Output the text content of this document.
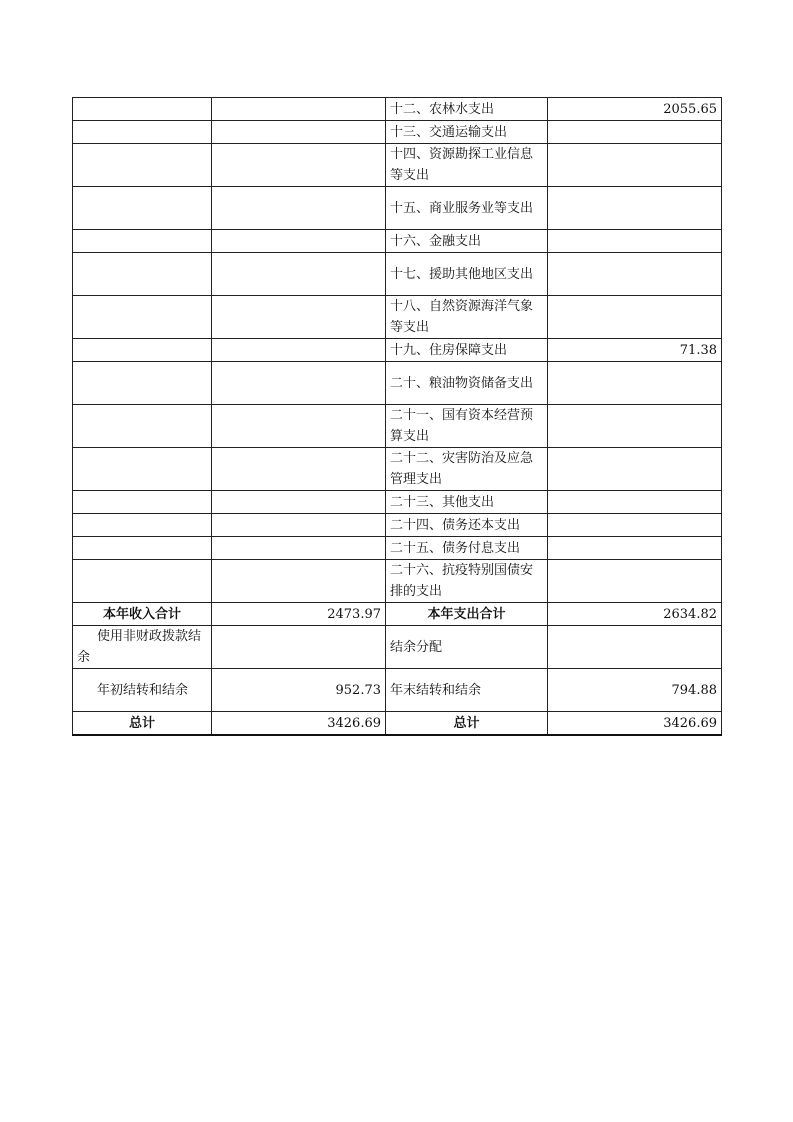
		十二、农林水支出	2055.65
		十三、交通运输支出	
		十四、资源勘探工业信息等支出	
		十五、商业服务业等支出	
		十六、金融支出	
		十七、援助其他地区支出	
		十八、自然资源海洋气象等支出	
		十九、住房保障支出	71.38
		二十、粮油物资储备支出	
		二十一、国有资本经营预算支出	
		二十二、灾害防治及应急管理支出	
		二十三、其他支出	
		二十四、债务还本支出	
		二十五、债务付息支出	
		二十六、抗疫特别国债安排的支出	
本年收入合计	2473.97	本年支出合计	2634.82
使用非财政拨款结余		结余分配	
年初结转和结余	952.73	年末结转和结余	794.88
总计	3426.69	总计	3426.69
